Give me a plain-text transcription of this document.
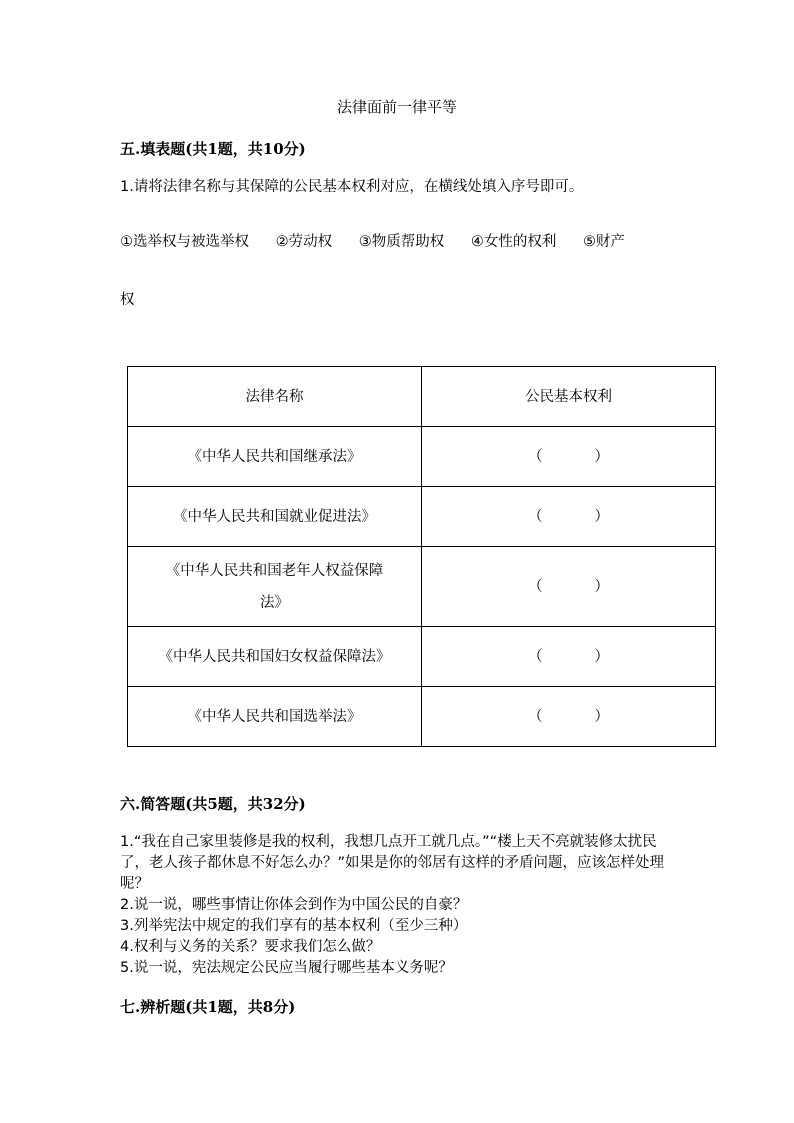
法律面前一律平等
五.填表题(共1题，共10分)
1.请将法律名称与其保障的公民基本权利对应，在横线处填入序号即可。
①选举权与被选举权 ②劳动权 ③物质帮助权 ④女性的权利 ⑤财产
权
法律名称	公民基本权利
《中华人民共和国继承法》	（ ）
《中华人民共和国就业促进法》	（ ）

《中华人民共和国老年人权益保障
法》	（ ）
《中华人民共和国妇女权益保障法》	（ ）
《中华人民共和国选举法》	（ ）
六.简答题(共5题，共32分)
1.“我在自己家里装修是我的权利，我想几点开工就几点。”“楼上天不亮就装修太扰民了，老人孩子都休息不好怎么办？”如果是你的邻居有这样的矛盾问题，应该怎样处理呢？
2.说一说，哪些事情让你体会到作为中国公民的自豪？
3.列举宪法中规定的我们享有的基本权利（至少三种）
4.权利与义务的关系？要求我们怎么做？
5.说一说，宪法规定公民应当履行哪些基本义务呢？
七.辨析题(共1题，共8分)
